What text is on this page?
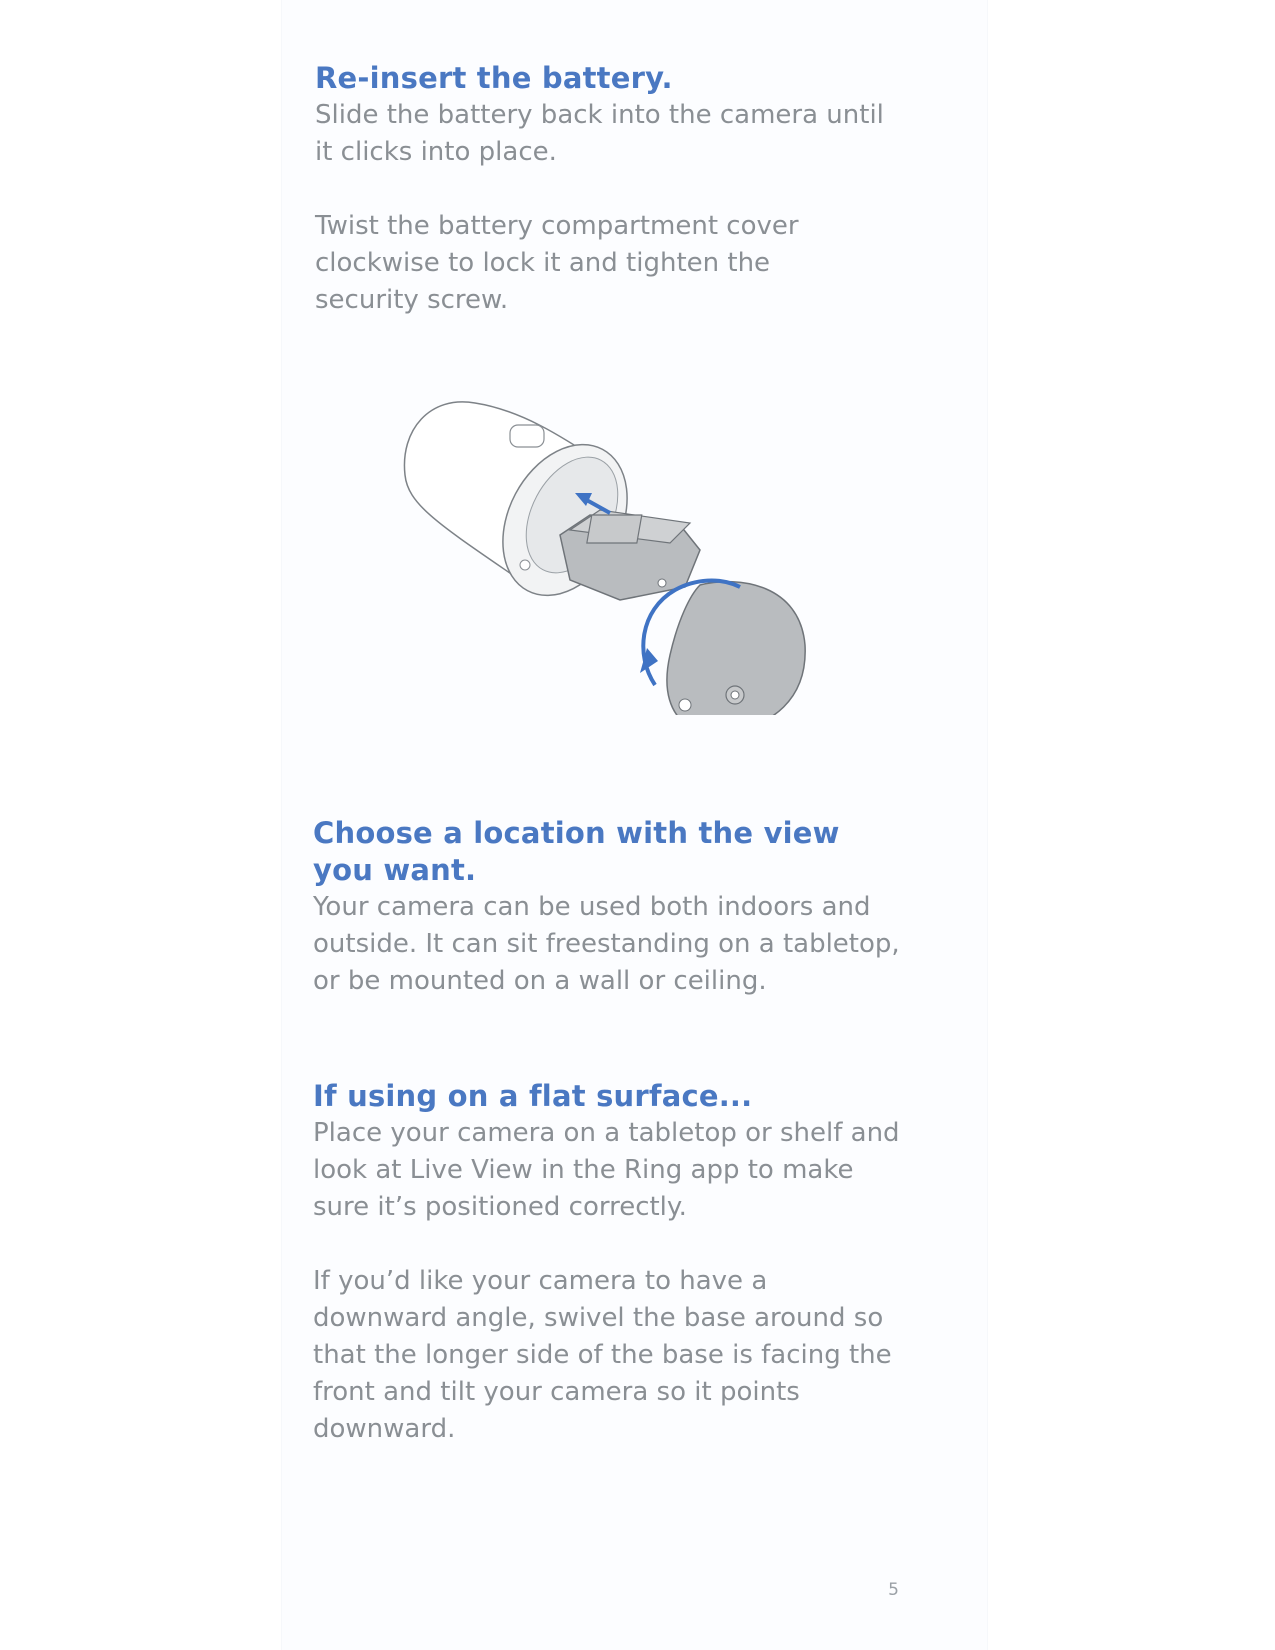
Re-insert the battery.

Slide the battery back into the camera until it clicks into place.

Twist the battery compartment cover clockwise to lock it and tighten the security screw.

Choose a location with the view
you want.

Your camera can be used both indoors and outside. It can sit freestanding on a tabletop, or be mounted on a wall or ceiling.

If using on a flat surface...

Place your camera on a tabletop or shelf and look at Live View in the Ring app to make sure it’s positioned correctly.

If you’d like your camera to have a downward angle, swivel the base around so that the longer side of the base is facing the front and tilt your camera so it points downward.

5
